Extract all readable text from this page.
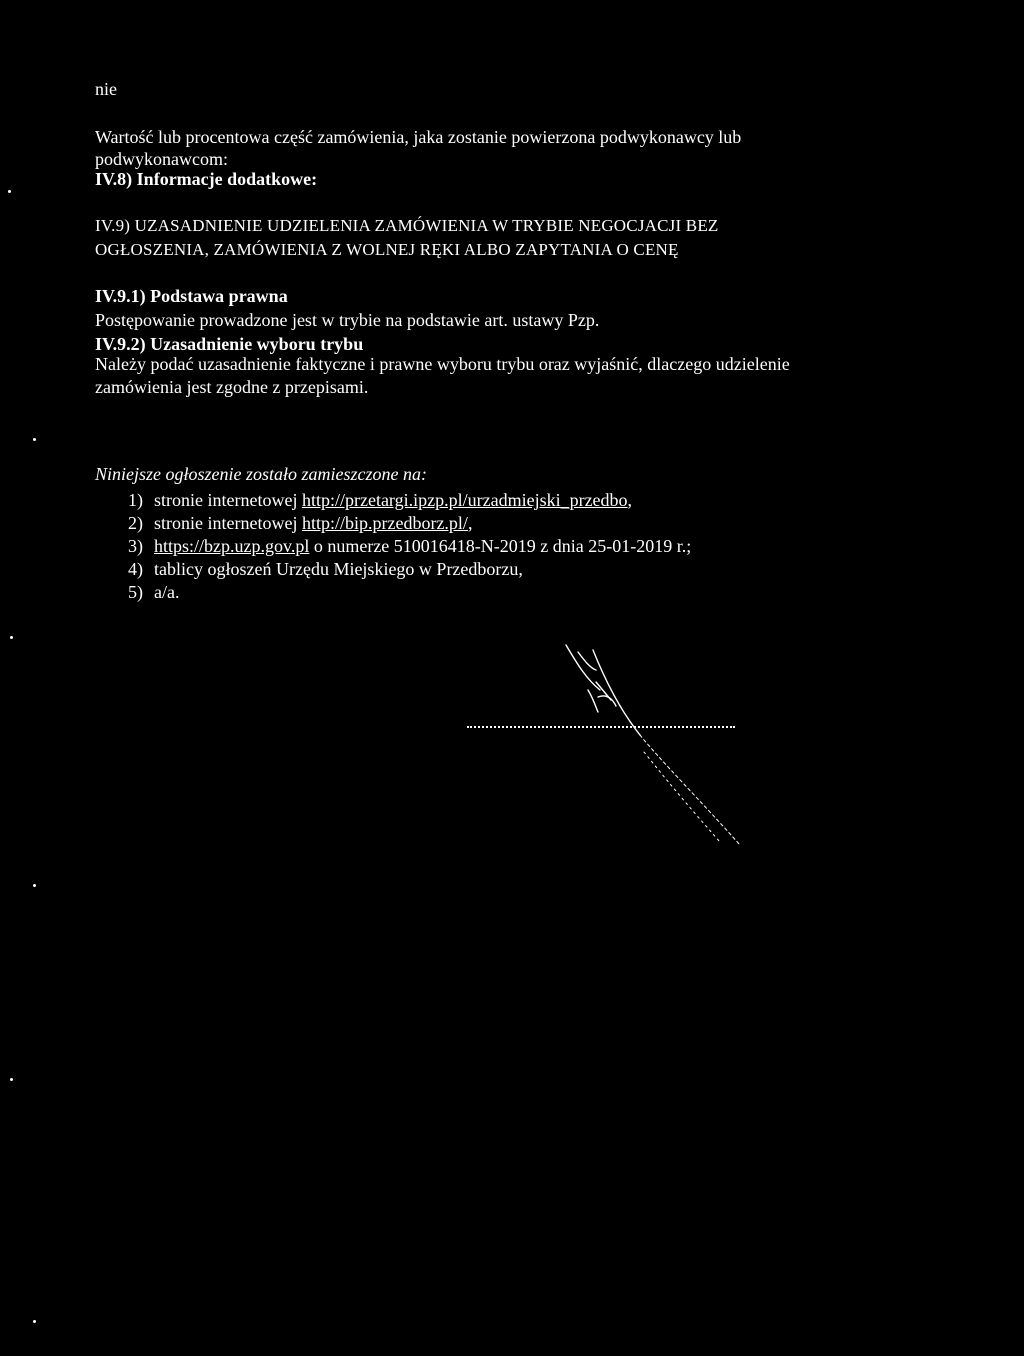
nie
Wartość lub procentowa część zamówienia, jaka zostanie powierzona podwykonawcy lub
podwykonawcom:
IV.8) Informacje dodatkowe:
IV.9) UZASADNIENIE UDZIELENIA ZAMÓWIENIA W TRYBIE NEGOCJACJI BEZ
OGŁOSZENIA, ZAMÓWIENIA Z WOLNEJ RĘKI ALBO ZAPYTANIA O CENĘ
IV.9.1) Podstawa prawna
Postępowanie prowadzone jest w trybie na podstawie art. ustawy Pzp.
IV.9.2) Uzasadnienie wyboru trybu
Należy podać uzasadnienie faktyczne i prawne wyboru trybu oraz wyjaśnić, dlaczego udzielenie
zamówienia jest zgodne z przepisami.
Niniejsze ogłoszenie zostało zamieszczone na:
1) stronie internetowej http://przetargi.ipzp.pl/urzadmiejski_przedbo,
2) stronie internetowej http://bip.przedborz.pl/,
3) https://bzp.uzp.gov.pl o numerze 510016418-N-2019 z dnia 25-01-2019 r.;
4) tablicy ogłoszeń Urzędu Miejskiego w Przedborzu,
5) a/a.
